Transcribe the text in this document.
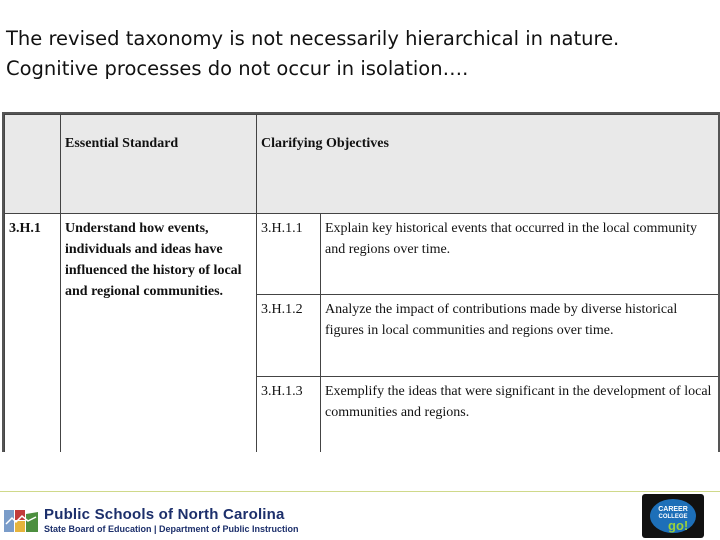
The revised taxonomy is not necessarily hierarchical in nature.
Cognitive processes do not occur in isolation….
	Essential Standard	Clarifying Objectives	
3.H.1	Understand how events, individuals and ideas have influenced the history of local and regional communities.	3.H.1.1	Explain key historical events that occurred in the local community and regions over time.
		3.H.1.2	Analyze the impact of contributions made by diverse historical figures in local communities and regions over time.
		3.H.1.3	Exemplify the ideas that were significant in the development of local communities and regions.

Public Schools of North Carolina
State Board of Education | Department of Public Instruction
CAREER
COLLEGE
go!
